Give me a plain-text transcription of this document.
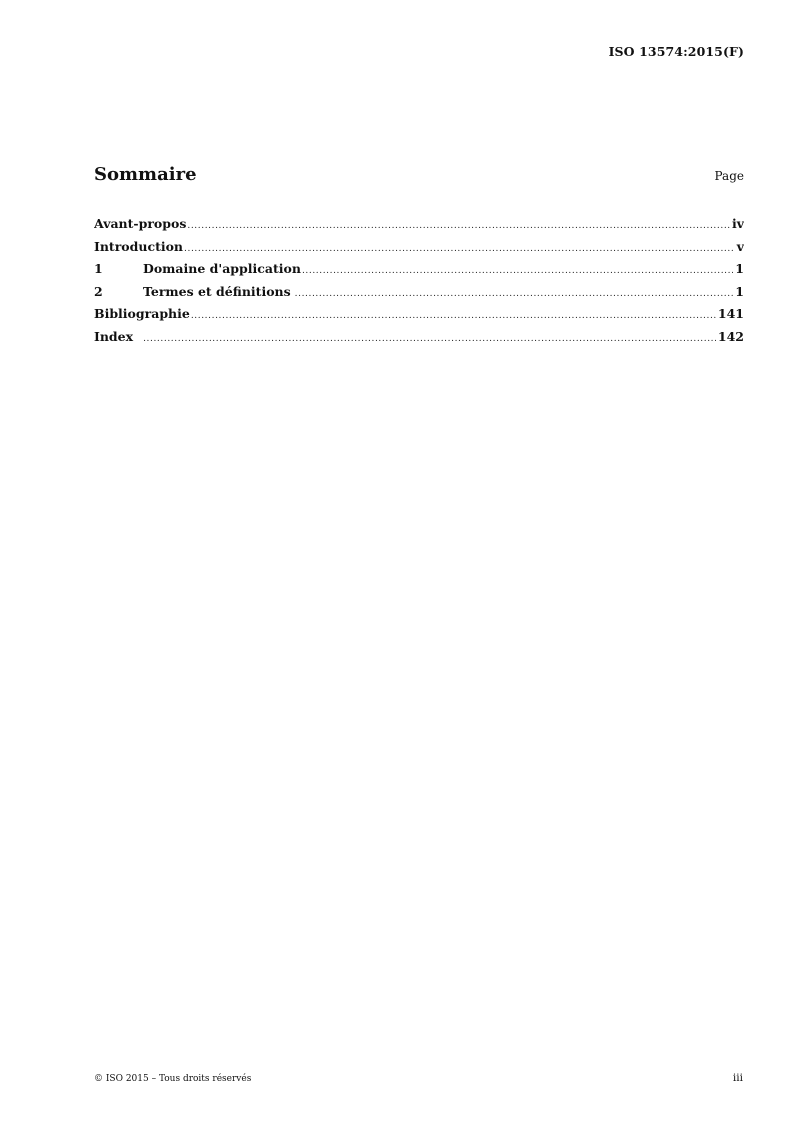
ISO 13574:2015(F)
Sommaire	Page
Avant-propos .....	iv
Introduction .....	v
1	Domaine d'application .....	1
2	Termes et définitions .....	1
Bibliographie .....	141
Index .....	142
© ISO 2015 – Tous droits réservés	iii
